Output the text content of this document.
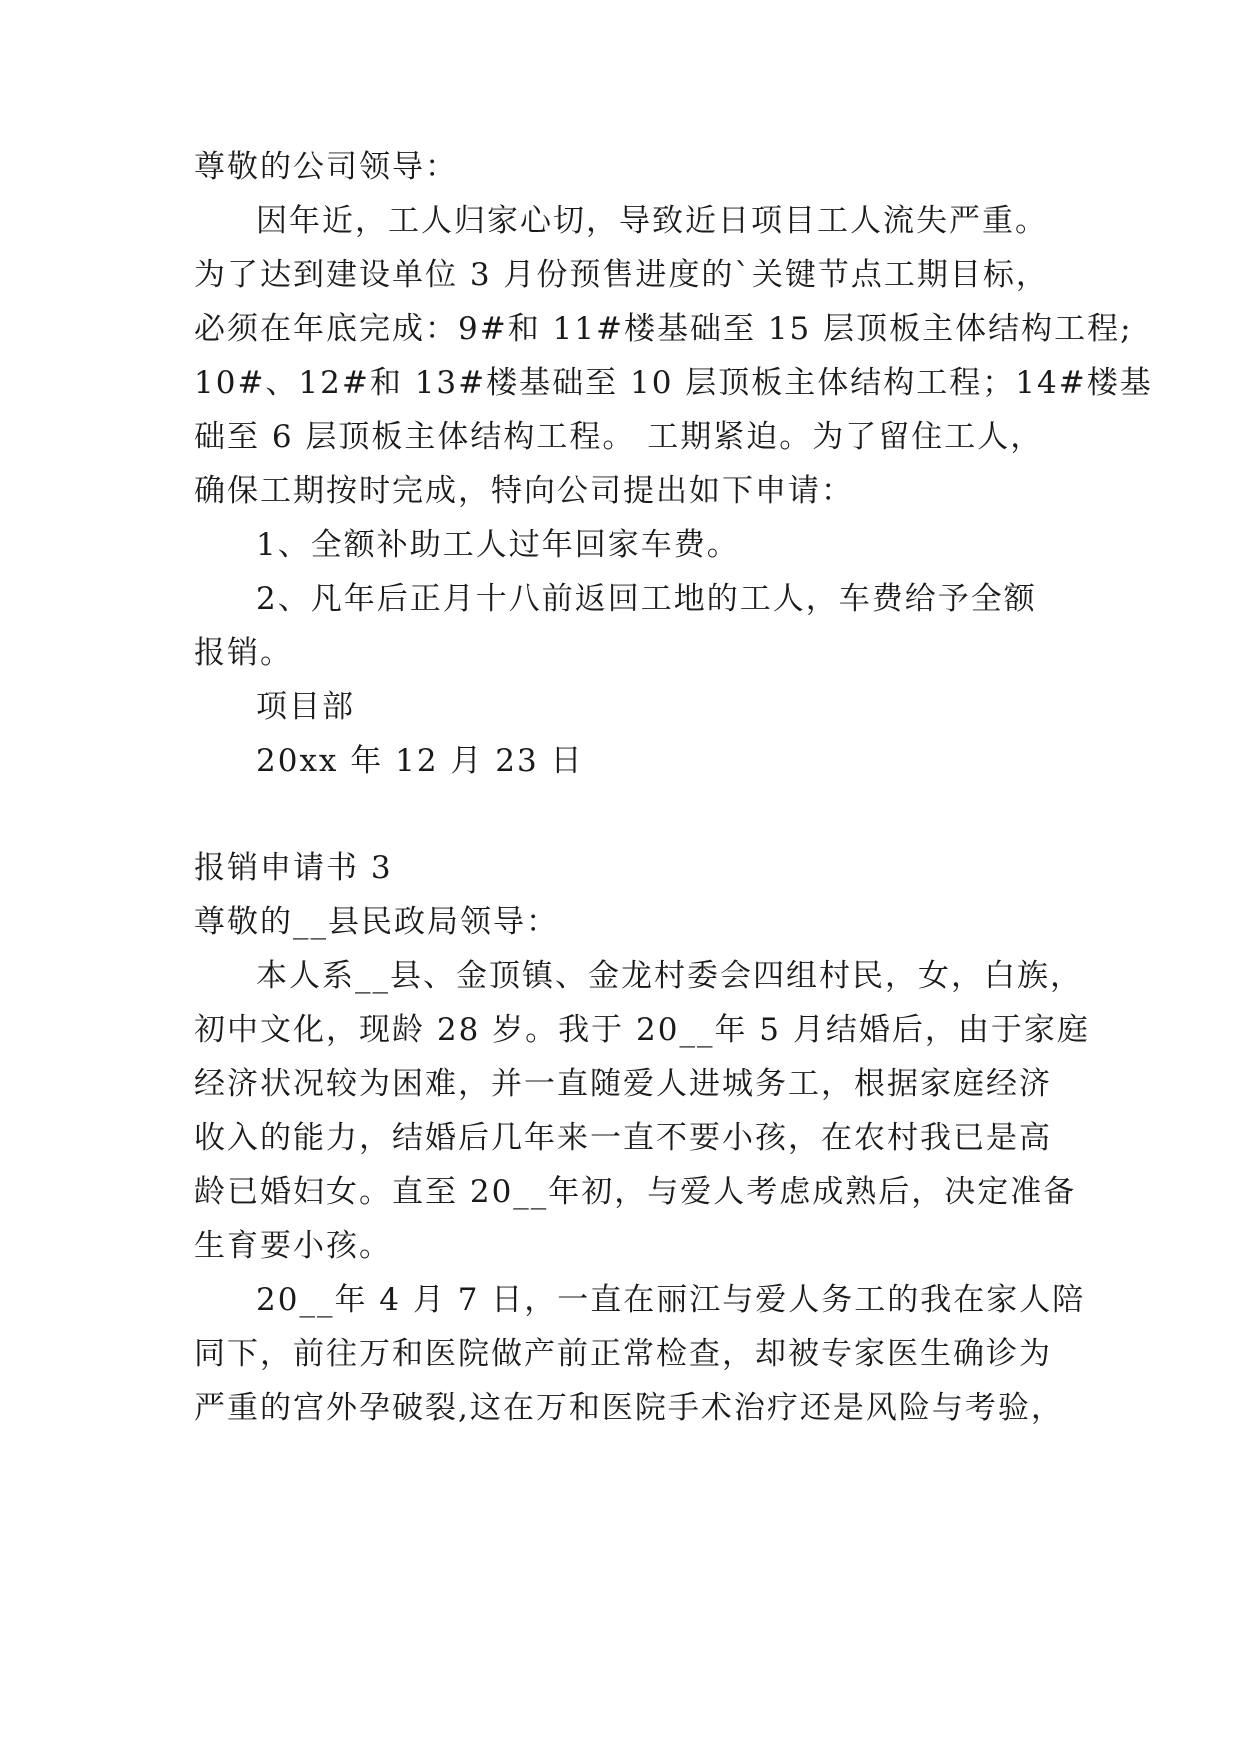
尊敬的公司领导：
因年近，工人归家心切，导致近日项目工人流失严重。
为了达到建设单位 3 月份预售进度的`关键节点工期目标，
必须在年底完成：9#和 11#楼基础至 15 层顶板主体结构工程;
10#、12#和 13#楼基础至 10 层顶板主体结构工程；14#楼基
础至 6 层顶板主体结构工程。 工期紧迫。为了留住工人，
确保工期按时完成，特向公司提出如下申请：
1、全额补助工人过年回家车费。
2、凡年后正月十八前返回工地的工人，车费给予全额
报销。
项目部
20xx 年 12 月 23 日
报销申请书 3
尊敬的__县民政局领导：
本人系__县、金顶镇、金龙村委会四组村民，女，白族，
初中文化，现龄 28 岁。我于 20__年 5 月结婚后，由于家庭
经济状况较为困难，并一直随爱人进城务工，根据家庭经济
收入的能力，结婚后几年来一直不要小孩，在农村我已是高
龄已婚妇女。直至 20__年初，与爱人考虑成熟后，决定准备
生育要小孩。
20__年 4 月 7 日，一直在丽江与爱人务工的我在家人陪
同下，前往万和医院做产前正常检查，却被专家医生确诊为
严重的宫外孕破裂,这在万和医院手术治疗还是风险与考验，
